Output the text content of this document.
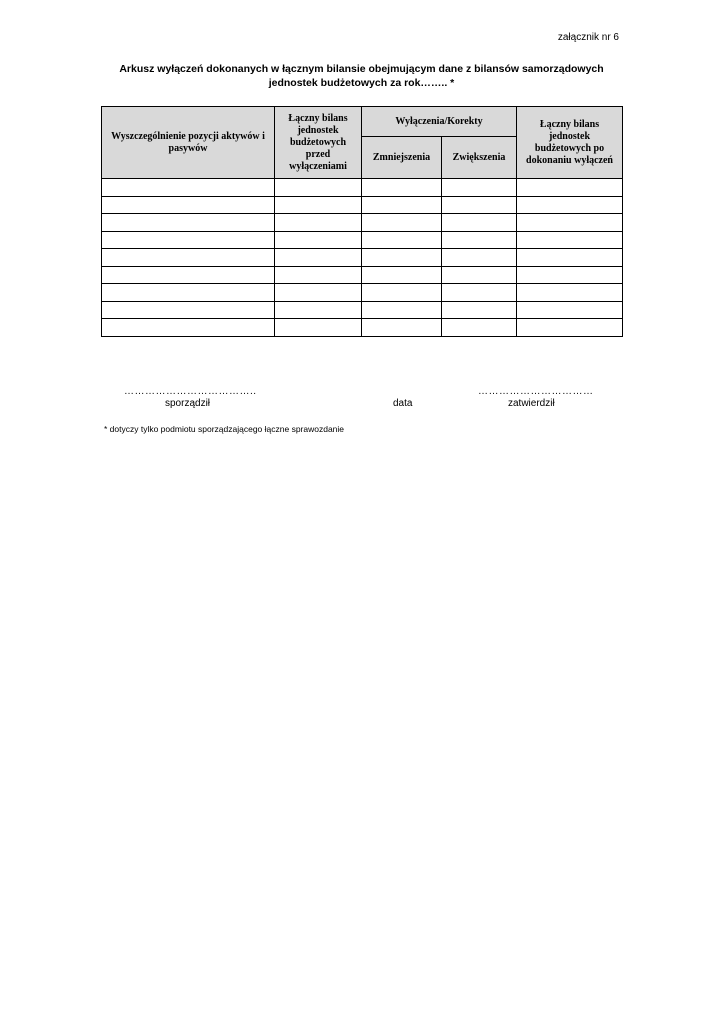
załącznik nr 6
Arkusz wyłączeń dokonanych w łącznym bilansie obejmującym dane z bilansów samorządowych
jednostek budżetowych za rok…….. *
Wyszczególnienie pozycji aktywów i pasywów	Łączny bilans jednostek budżetowych przed wyłączeniami	Wyłączenia/Korekty		Łączny bilans jednostek budżetowych po dokonaniu wyłączeń
		Zmniejszenia	Zwiększenia	

………………………………..
sporządził	data
……………………………
zatwierdził
* dotyczy tylko podmiotu sporządzającego łączne sprawozdanie
